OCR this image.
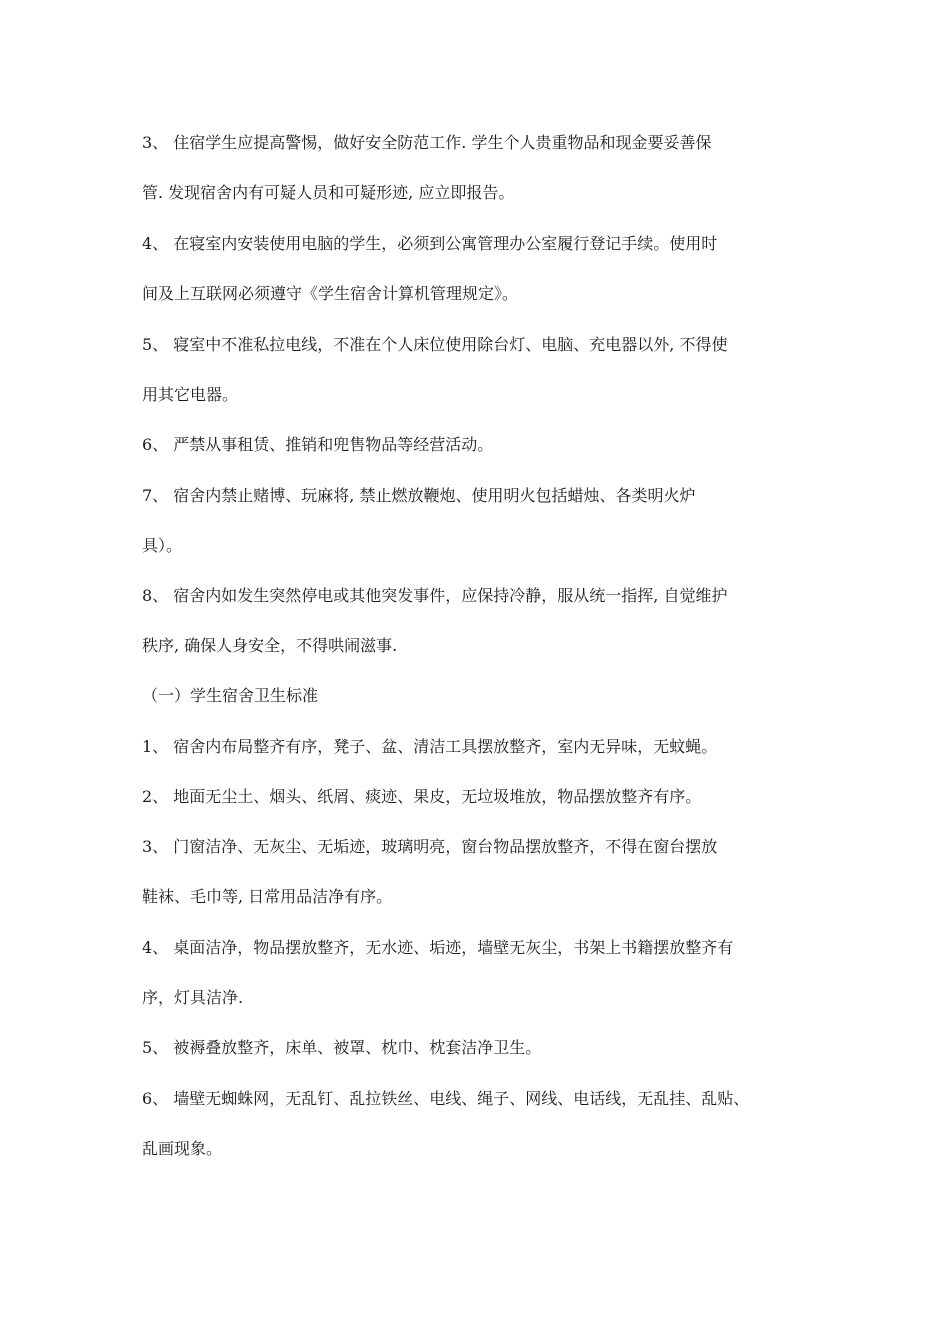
3、 住宿学生应提高警惕，做好安全防范工作. 学生个人贵重物品和现金要妥善保
管. 发现宿舍内有可疑人员和可疑形迹, 应立即报告。
4、 在寝室内安装使用电脑的学生，必须到公寓管理办公室履行登记手续。使用时
间及上互联网必须遵守《学生宿舍计算机管理规定》。
5、 寝室中不准私拉电线，不准在个人床位使用除台灯、电脑、充电器以外, 不得使
用其它电器。
6、 严禁从事租赁、推销和兜售物品等经营活动。
7、 宿舍内禁止赌博、玩麻将, 禁止燃放鞭炮、使用明火包括蜡烛、各类明火炉
具）。
8、 宿舍内如发生突然停电或其他突发事件，应保持冷静，服从统一指挥, 自觉维护
秩序, 确保人身安全，不得哄闹滋事.
（一）学生宿舍卫生标准
1、 宿舍内布局整齐有序，凳子、盆、清洁工具摆放整齐，室内无异味，无蚊蝇。
2、 地面无尘土、烟头、纸屑、痰迹、果皮，无垃圾堆放，物品摆放整齐有序。
3、 门窗洁净、无灰尘、无垢迹，玻璃明亮，窗台物品摆放整齐，不得在窗台摆放
鞋袜、毛巾等, 日常用品洁净有序。
4、 桌面洁净，物品摆放整齐，无水迹、垢迹，墙壁无灰尘，书架上书籍摆放整齐有
序，灯具洁净.
5、 被褥叠放整齐，床单、被罩、枕巾、枕套洁净卫生。
6、 墙壁无蜘蛛网，无乱钉、乱拉铁丝、电线、绳子、网线、电话线，无乱挂、乱贴、
乱画现象。
